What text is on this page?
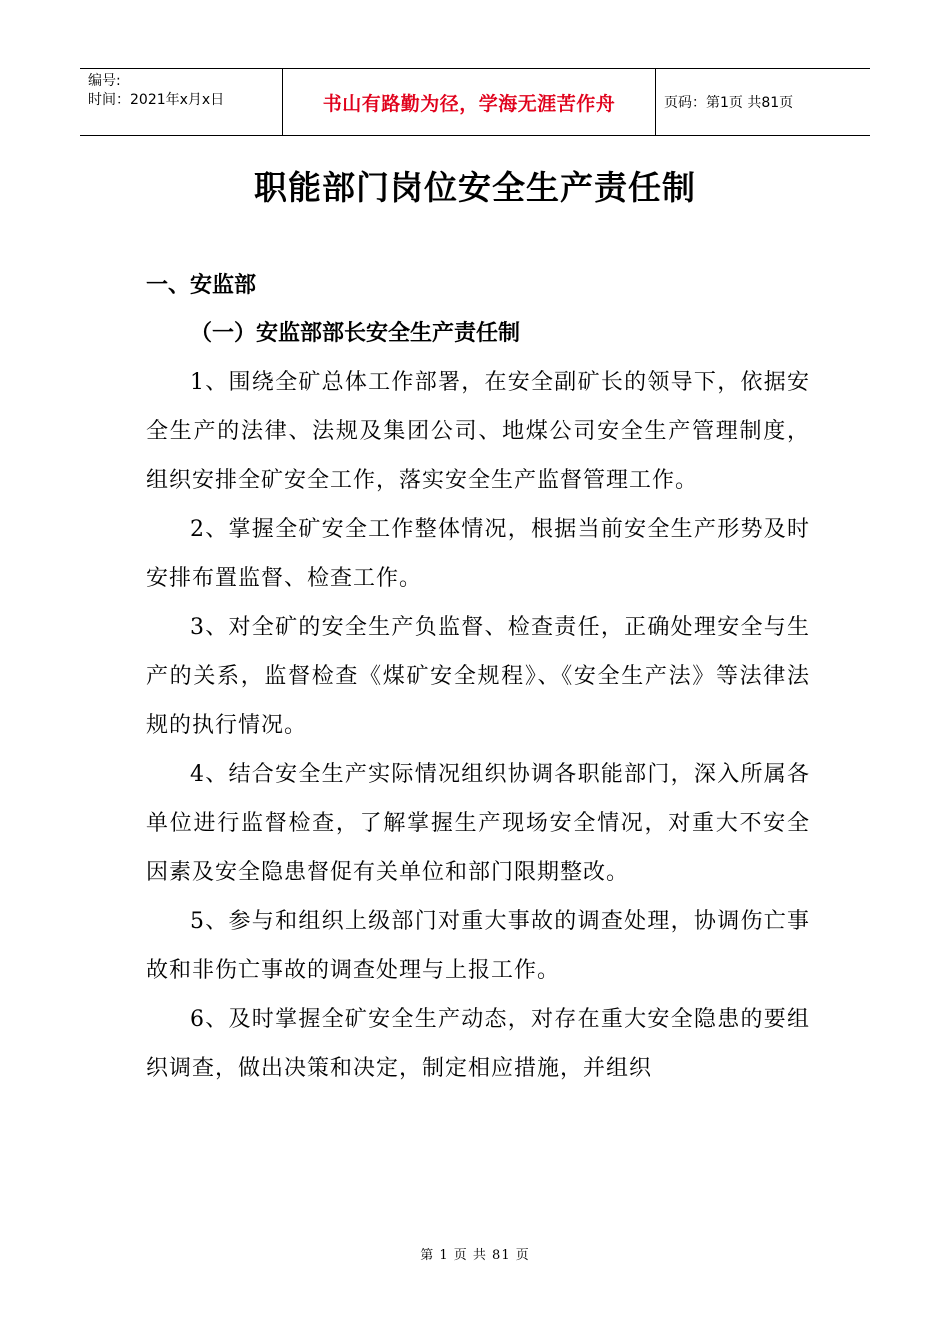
编号:
时间：2021年x月x日	书山有路勤为径，学海无涯苦作舟	页码：第1页 共81页
职能部门岗位安全生产责任制
一、安监部
（一）安监部部长安全生产责任制

1、围绕全矿总体工作部署，在安全副矿长的领导下，依据安全生产的法律、法规及集团公司、地煤公司安全生产管理制度，组织安排全矿安全工作，落实安全生产监督管理工作。

2、掌握全矿安全工作整体情况，根据当前安全生产形势及时安排布置监督、检查工作。

3、对全矿的安全生产负监督、检查责任，正确处理安全与生产的关系，监督检查《煤矿安全规程》、《安全生产法》等法律法规的执行情况。

4、结合安全生产实际情况组织协调各职能部门，深入所属各单位进行监督检查，了解掌握生产现场安全情况，对重大不安全因素及安全隐患督促有关单位和部门限期整改。

5、参与和组织上级部门对重大事故的调查处理，协调伤亡事故和非伤亡事故的调查处理与上报工作。

6、及时掌握全矿安全生产动态，对存在重大安全隐患的要组织调查，做出决策和决定，制定相应措施，并组织

第 1 页 共 81 页
